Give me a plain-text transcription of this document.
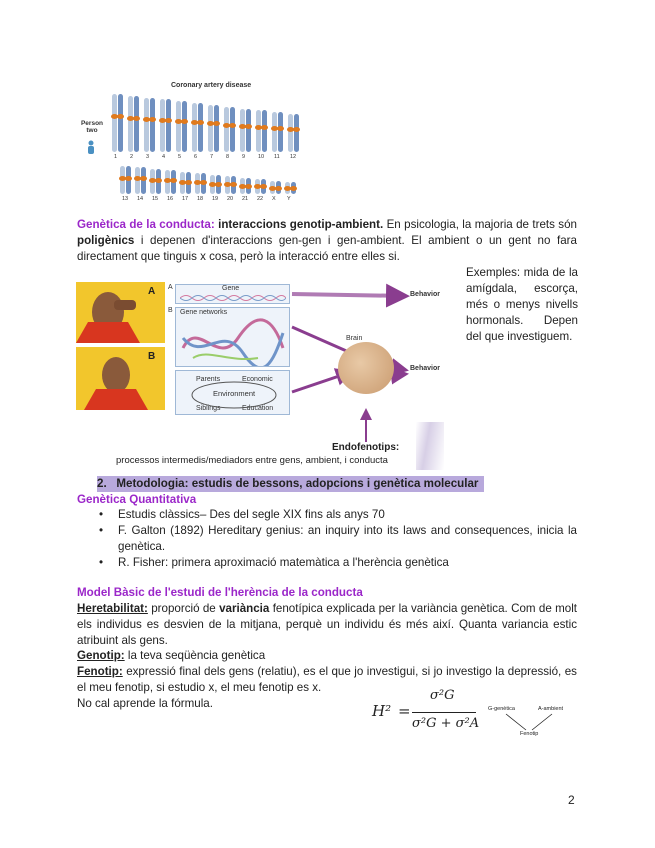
Coronary artery disease
Person two
1 2 3 4 5 6 7 8 9 10 11 12
13 14 15 16 17 18 19 20 21 22 X Y
Genètica de la conducta: interaccions genotip-ambient. En psicologia, la majoria de trets són poligènics i depenen d'interaccions gen-gen i gen-ambient. El ambient o un gent no fara directament que tinguis x cosa, però la interacció entre elles si.
Exemples: mida de la amígdala, escorça, més o menys nivells hormonals. Depen del que investiguem.
A
B
Gene
A
Gene networks
B
Parents	Economic
Environment
Siblings	Education
Brain
Behavior
Behavior
Endofenotips:
processos intermedis/mediadors entre gens, ambient, i conducta
2. Metodologia: estudis de bessons, adopcions i genètica molecular
Genètica Quantitativa
• Estudis clàssics– Des del segle XIX fins als anys 70
• F. Galton (1892) Hereditary genius: an inquiry into its laws and consequences, inicia la genètica.
• R. Fisher: primera aproximació matemàtica a l'herència genètica
Model Bàsic de l'estudi de l'herència de la conducta
Heretabilitat: proporció de variància fenotípica explicada per la variància genètica. Com de molt els individus es desvien de la mitjana, perquè un individu és més així. Quanta variancia estic atribuint als gens.
Genotip: la teva seqüència genètica
Fenotip: expressió final dels gens (relatiu), es el que jo investigui, si jo investigo la depressió, es el meu fenotip, si estudio x, el meu fenotip es x.
No cal aprende la fórmula.	H² =
σ²G
σ²G + σ²A
G-genètica	A-ambient
Fenotip
2
